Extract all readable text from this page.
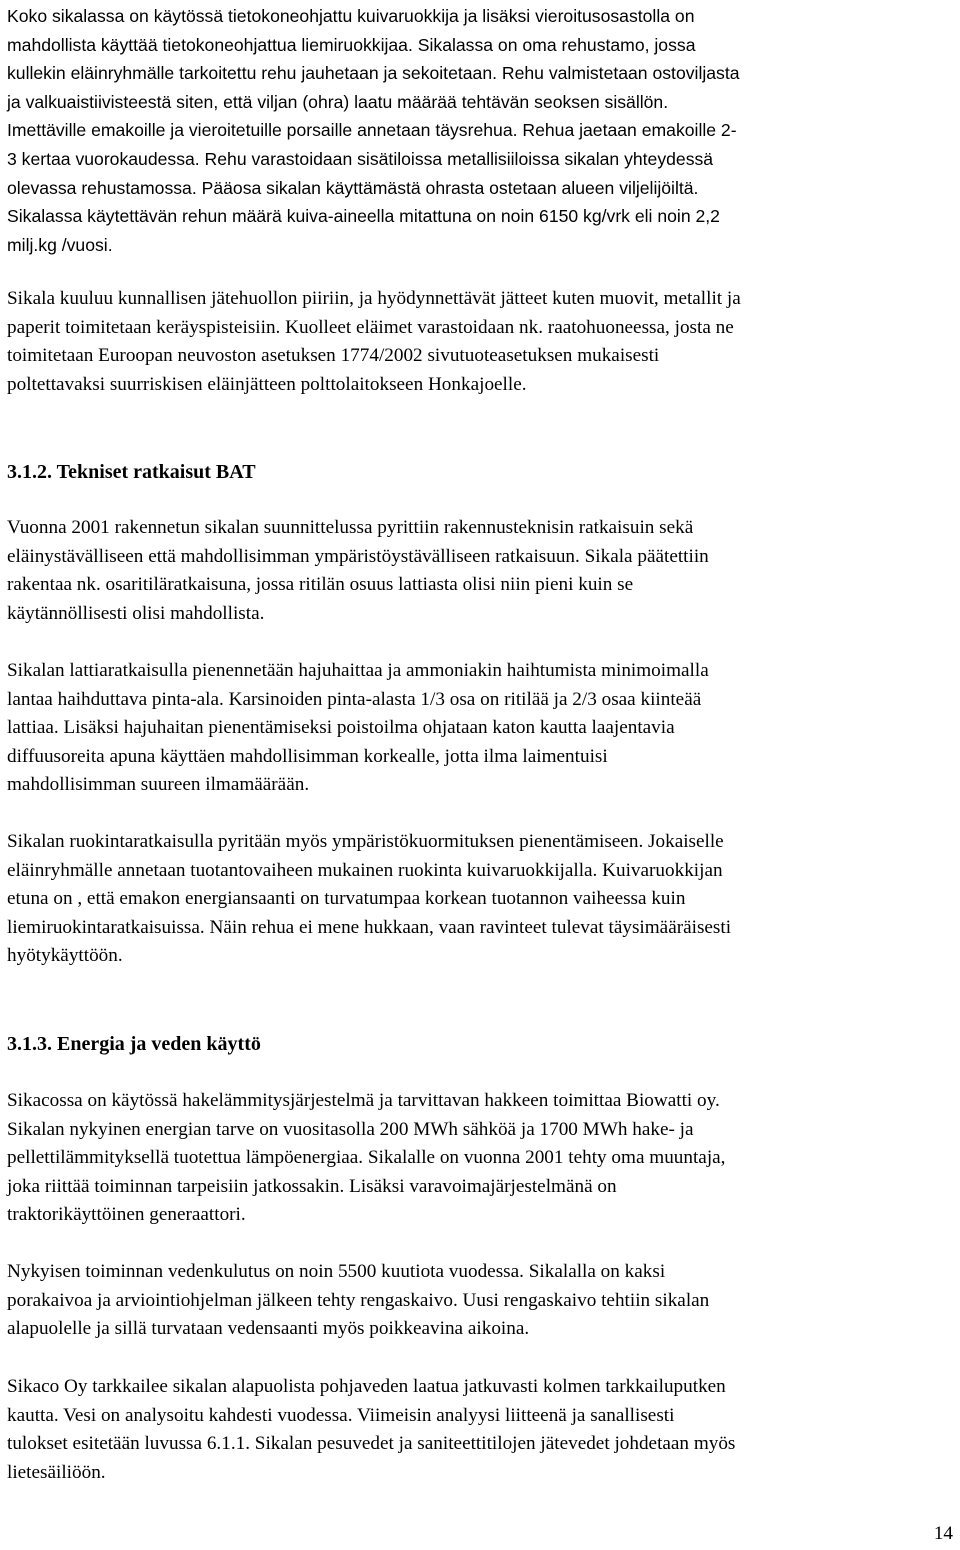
Koko sikalassa on käytössä tietokoneohjattu kuivaruokkija ja lisäksi vieroitusosastolla on

mahdollista käyttää tietokoneohjattua liemiruokkijaa. Sikalassa on oma rehustamo, jossa

kullekin eläinryhmälle tarkoitettu rehu jauhetaan ja sekoitetaan. Rehu valmistetaan ostoviljasta

ja valkuaistiivisteestä siten, että viljan (ohra) laatu määrää tehtävän seoksen sisällön.

Imettäville emakoille ja vieroitetuille porsaille annetaan täysrehua. Rehua jaetaan emakoille 2-

3 kertaa vuorokaudessa. Rehu varastoidaan sisätiloissa metallisiiloissa sikalan yhteydessä

olevassa rehustamossa. Pääosa sikalan käyttämästä ohrasta ostetaan alueen viljelijöiltä.

Sikalassa käytettävän rehun määrä kuiva-aineella mitattuna on noin 6150 kg/vrk eli noin 2,2

milj.kg /vuosi.

Sikala kuuluu kunnallisen jätehuollon piiriin, ja hyödynnettävät jätteet kuten muovit, metallit ja

paperit toimitetaan keräyspisteisiin. Kuolleet eläimet varastoidaan nk. raatohuoneessa, josta ne

toimitetaan Euroopan neuvoston asetuksen 1774/2002 sivutuoteasetuksen mukaisesti

poltettavaksi suurriskisen eläinjätteen polttolaitokseen Honkajoelle.

3.1.2. Tekniset ratkaisut BAT

Vuonna 2001 rakennetun sikalan suunnittelussa pyrittiin rakennusteknisin ratkaisuin sekä

eläinystävälliseen että mahdollisimman ympäristöystävälliseen ratkaisuun. Sikala päätettiin

rakentaa nk. osaritiläratkaisuna, jossa ritilän osuus lattiasta olisi niin pieni kuin se

käytännöllisesti olisi mahdollista.

Sikalan lattiaratkaisulla pienennetään hajuhaittaa ja ammoniakin haihtumista minimoimalla

lantaa haihduttava pinta-ala. Karsinoiden pinta-alasta 1/3 osa on ritilää ja 2/3 osaa kiinteää

lattiaa. Lisäksi hajuhaitan pienentämiseksi poistoilma ohjataan katon kautta laajentavia

diffuusoreita apuna käyttäen mahdollisimman korkealle, jotta ilma laimentuisi

mahdollisimman suureen ilmamäärään.

Sikalan ruokintaratkaisulla pyritään myös ympäristökuormituksen pienentämiseen. Jokaiselle

eläinryhmälle annetaan tuotantovaiheen mukainen ruokinta kuivaruokkijalla. Kuivaruokkijan

etuna on , että emakon energiansaanti on turvatumpaa korkean tuotannon vaiheessa kuin

liemiruokintaratkaisuissa. Näin rehua ei mene hukkaan, vaan ravinteet tulevat täysimääräisesti

hyötykäyttöön.

3.1.3. Energia ja veden käyttö

Sikacossa on käytössä hakelämmitysjärjestelmä ja tarvittavan hakkeen toimittaa Biowatti oy.

Sikalan nykyinen energian tarve on vuositasolla 200 MWh sähköä ja 1700 MWh hake- ja

pellettilämmityksellä tuotettua lämpöenergiaa. Sikalalle on vuonna 2001 tehty oma muuntaja,

joka riittää toiminnan tarpeisiin jatkossakin. Lisäksi varavoimajärjestelmänä on

traktorikäyttöinen generaattori.

Nykyisen toiminnan vedenkulutus on noin 5500 kuutiota vuodessa. Sikalalla on kaksi

porakaivoa ja arviointiohjelman jälkeen tehty rengaskaivo. Uusi rengaskaivo tehtiin sikalan

alapuolelle ja sillä turvataan vedensaanti myös poikkeavina aikoina.

Sikaco Oy tarkkailee sikalan alapuolista pohjaveden laatua jatkuvasti kolmen tarkkailuputken

kautta. Vesi on analysoitu kahdesti vuodessa. Viimeisin analyysi liitteenä ja sanallisesti

tulokset esitetään luvussa 6.1.1. Sikalan pesuvedet ja saniteettitilojen jätevedet johdetaan myös

lietesäiliöön.

14
